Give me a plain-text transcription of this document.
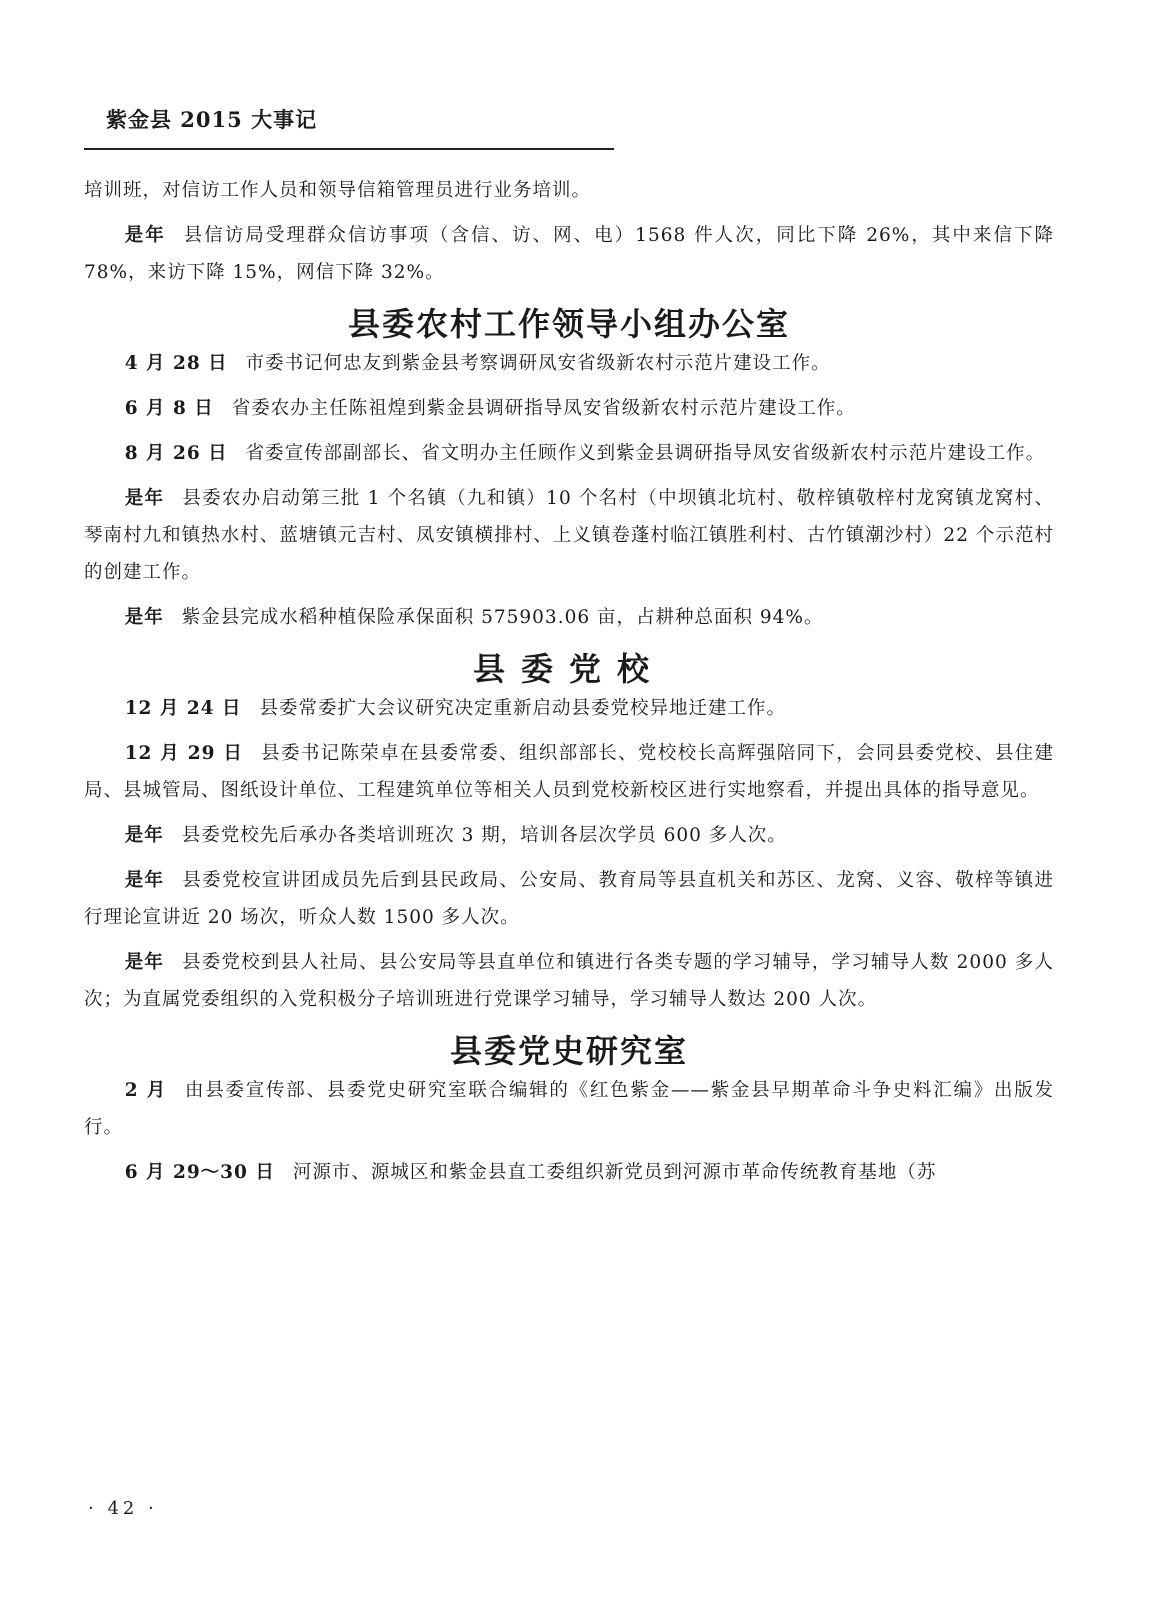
紫金县 2015 大事记

培训班，对信访工作人员和领导信箱管理员进行业务培训。

是年 县信访局受理群众信访事项（含信、访、网、电）1568 件人次，同比下降 26%，其中来信下降 78%，来访下降 15%，网信下降 32%。

县委农村工作领导小组办公室

4 月 28 日 市委书记何忠友到紫金县考察调研凤安省级新农村示范片建设工作。

6 月 8 日 省委农办主任陈祖煌到紫金县调研指导凤安省级新农村示范片建设工作。

8 月 26 日 省委宣传部副部长、省文明办主任顾作义到紫金县调研指导凤安省级新农村示范片建设工作。

是年 县委农办启动第三批 1 个名镇（九和镇）10 个名村（中坝镇北坑村、敬梓镇敬梓村龙窝镇龙窝村、琴南村九和镇热水村、蓝塘镇元吉村、凤安镇横排村、上义镇卷蓬村临江镇胜利村、古竹镇潮沙村）22 个示范村的创建工作。

是年 紫金县完成水稻种植保险承保面积 575903.06 亩，占耕种总面积 94%。

县委党校

12 月 24 日 县委常委扩大会议研究决定重新启动县委党校异地迁建工作。

12 月 29 日 县委书记陈荣卓在县委常委、组织部部长、党校校长高辉强陪同下，会同县委党校、县住建局、县城管局、图纸设计单位、工程建筑单位等相关人员到党校新校区进行实地察看，并提出具体的指导意见。

是年 县委党校先后承办各类培训班次 3 期，培训各层次学员 600 多人次。

是年 县委党校宣讲团成员先后到县民政局、公安局、教育局等县直机关和苏区、龙窝、义容、敬梓等镇进行理论宣讲近 20 场次，听众人数 1500 多人次。

是年 县委党校到县人社局、县公安局等县直单位和镇进行各类专题的学习辅导，学习辅导人数 2000 多人次；为直属党委组织的入党积极分子培训班进行党课学习辅导，学习辅导人数达 200 人次。

县委党史研究室

2 月 由县委宣传部、县委党史研究室联合编辑的《红色紫金——紫金县早期革命斗争史料汇编》出版发行。

6 月 29～30 日 河源市、源城区和紫金县直工委组织新党员到河源市革命传统教育基地（苏

· 42 ·
